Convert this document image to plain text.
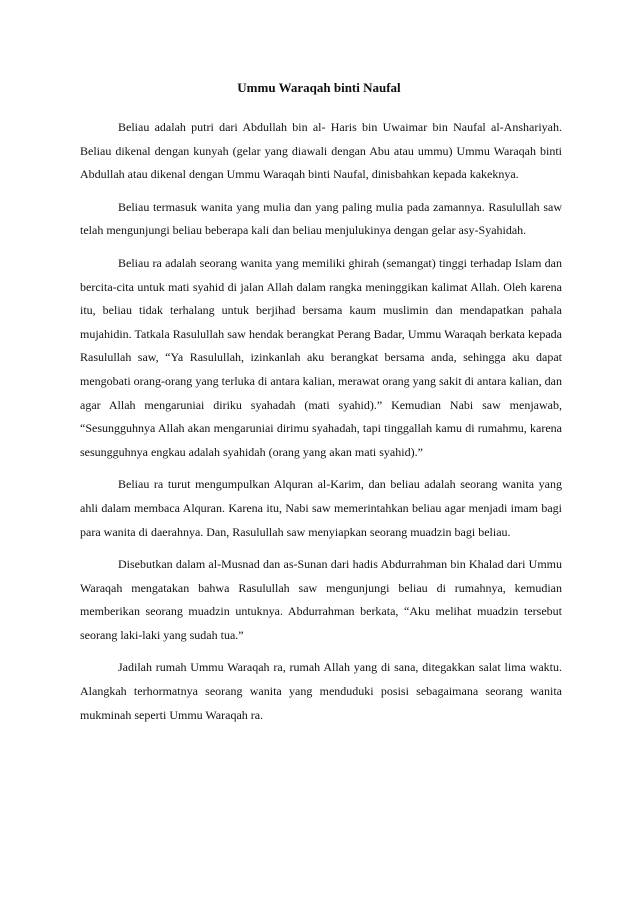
Ummu Waraqah binti Naufal

Beliau adalah putri dari Abdullah bin al- Haris bin Uwaimar bin Naufal al-Anshariyah. Beliau dikenal dengan kunyah (gelar yang diawali dengan Abu atau ummu) Ummu Waraqah binti Abdullah atau dikenal dengan Ummu Waraqah binti Naufal, dinisbahkan kepada kakeknya.

Beliau termasuk wanita yang mulia dan yang paling mulia pada zamannya. Rasulullah saw telah mengunjungi beliau beberapa kali dan beliau menjulukinya dengan gelar asy-Syahidah.

Beliau ra adalah seorang wanita yang memiliki ghirah (semangat) tinggi terhadap Islam dan bercita-cita untuk mati syahid di jalan Allah dalam rangka meninggikan kalimat Allah. Oleh karena itu, beliau tidak terhalang untuk berjihad bersama kaum muslimin dan mendapatkan pahala mujahidin. Tatkala Rasulullah saw hendak berangkat Perang Badar, Ummu Waraqah berkata kepada Rasulullah saw, “Ya Rasulullah, izinkanlah aku berangkat bersama anda, sehingga aku dapat mengobati orang-orang yang terluka di antara kalian, merawat orang yang sakit di antara kalian, dan agar Allah mengaruniai diriku syahadah (mati syahid).” Kemudian Nabi saw menjawab, “Sesungguhnya Allah akan mengaruniai dirimu syahadah, tapi tinggallah kamu di rumahmu, karena sesungguhnya engkau adalah syahidah (orang yang akan mati syahid).”

Beliau ra turut mengumpulkan Alquran al-Karim, dan beliau adalah seorang wanita yang ahli dalam membaca Alquran. Karena itu, Nabi saw memerintahkan beliau agar menjadi imam bagi para wanita di daerahnya. Dan, Rasulullah saw menyiapkan seorang muadzin bagi beliau.

Disebutkan dalam al-Musnad dan as-Sunan dari hadis Abdurrahman bin Khalad dari Ummu Waraqah mengatakan bahwa Rasulullah saw mengunjungi beliau di rumahnya, kemudian memberikan seorang muadzin untuknya. Abdurrahman berkata, “Aku melihat muadzin tersebut seorang laki-laki yang sudah tua.”

Jadilah rumah Ummu Waraqah ra, rumah Allah yang di sana, ditegakkan salat lima waktu. Alangkah terhormatnya seorang wanita yang menduduki posisi sebagaimana seorang wanita mukminah seperti Ummu Waraqah ra.
